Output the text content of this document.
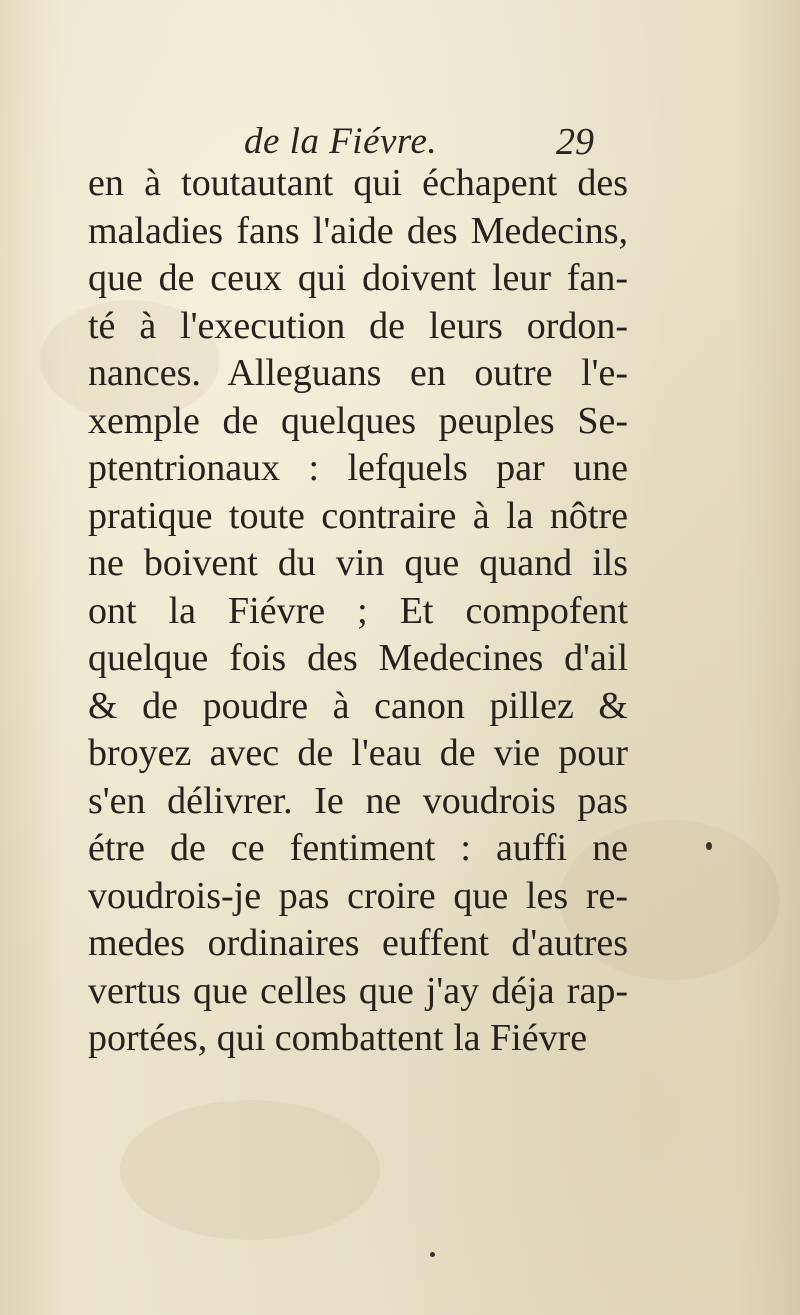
de la Fiévre.	29
en à toutautant qui échapent des
maladies fans l'aide des Medecins,
que de ceux qui doivent leur fan-
té à l'execution de leurs ordon-
nances. Alleguans en outre l'e-
xemple de quelques peuples Se-
ptentrionaux : lefquels par une
pratique toute contraire à la nôtre
ne boivent du vin que quand ils
ont la Fiévre ; Et compofent
quelque fois des Medecines d'ail
& de poudre à canon pillez &
broyez avec de l'eau de vie pour
s'en délivrer. Ie ne voudrois pas
étre de ce fentiment : auffi ne
voudrois-je pas croire que les re-
medes ordinaires euffent d'autres
vertus que celles que j'ay déja rap-
portées, qui combattent la Fiévre
